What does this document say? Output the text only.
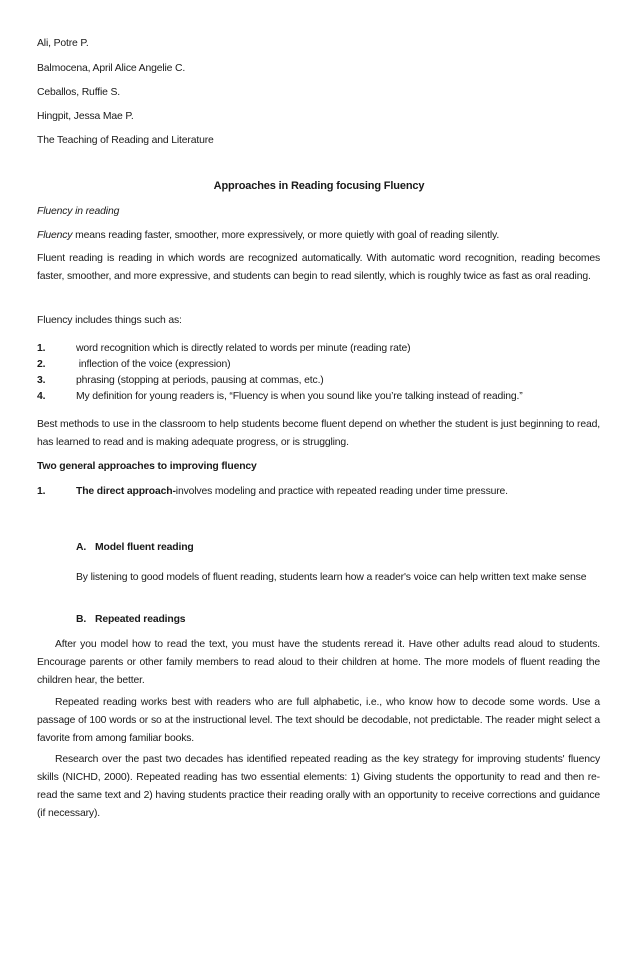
Ali, Potre P.

Balmocena, April Alice Angelie C.

Ceballos, Ruffie S.

Hingpit, Jessa Mae P.

The Teaching of Reading and Literature

Approaches in Reading focusing Fluency

Fluency in reading

Fluency means reading faster, smoother, more expressively, or more quietly with goal of reading silently.

Fluent reading is reading in which words are recognized automatically. With automatic word recognition, reading becomes faster, smoother, and more expressive, and students can begin to read silently, which is roughly twice as fast as oral reading.

Fluency includes things such as:

1.	word recognition which is directly related to words per minute (reading rate)
2.	inflection of the voice (expression)
3.	phrasing (stopping at periods, pausing at commas, etc.)
4.	My definition for young readers is, “Fluency is when you sound like you’re talking instead of reading.”

Best methods to use in the classroom to help students become fluent depend on whether the student is just beginning to read, has learned to read and is making adequate progress, or is struggling.

Two general approaches to improving fluency

1.	The direct approach-involves modeling and practice with repeated reading under time pressure.

A. Model fluent reading

By listening to good models of fluent reading, students learn how a reader's voice can help written text make sense

B. Repeated readings

After you model how to read the text, you must have the students reread it. Have other adults read aloud to students. Encourage parents or other family members to read aloud to their children at home. The more models of fluent reading the children hear, the better.

Repeated reading works best with readers who are full alphabetic, i.e., who know how to decode some words. Use a passage of 100 words or so at the instructional level. The text should be decodable, not predictable. The reader might select a favorite from among familiar books.

Research over the past two decades has identified repeated reading as the key strategy for improving students' fluency skills (NICHD, 2000). Repeated reading has two essential elements: 1) Giving students the opportunity to read and then re-read the same text and 2) having students practice their reading orally with an opportunity to receive corrections and guidance (if necessary).
